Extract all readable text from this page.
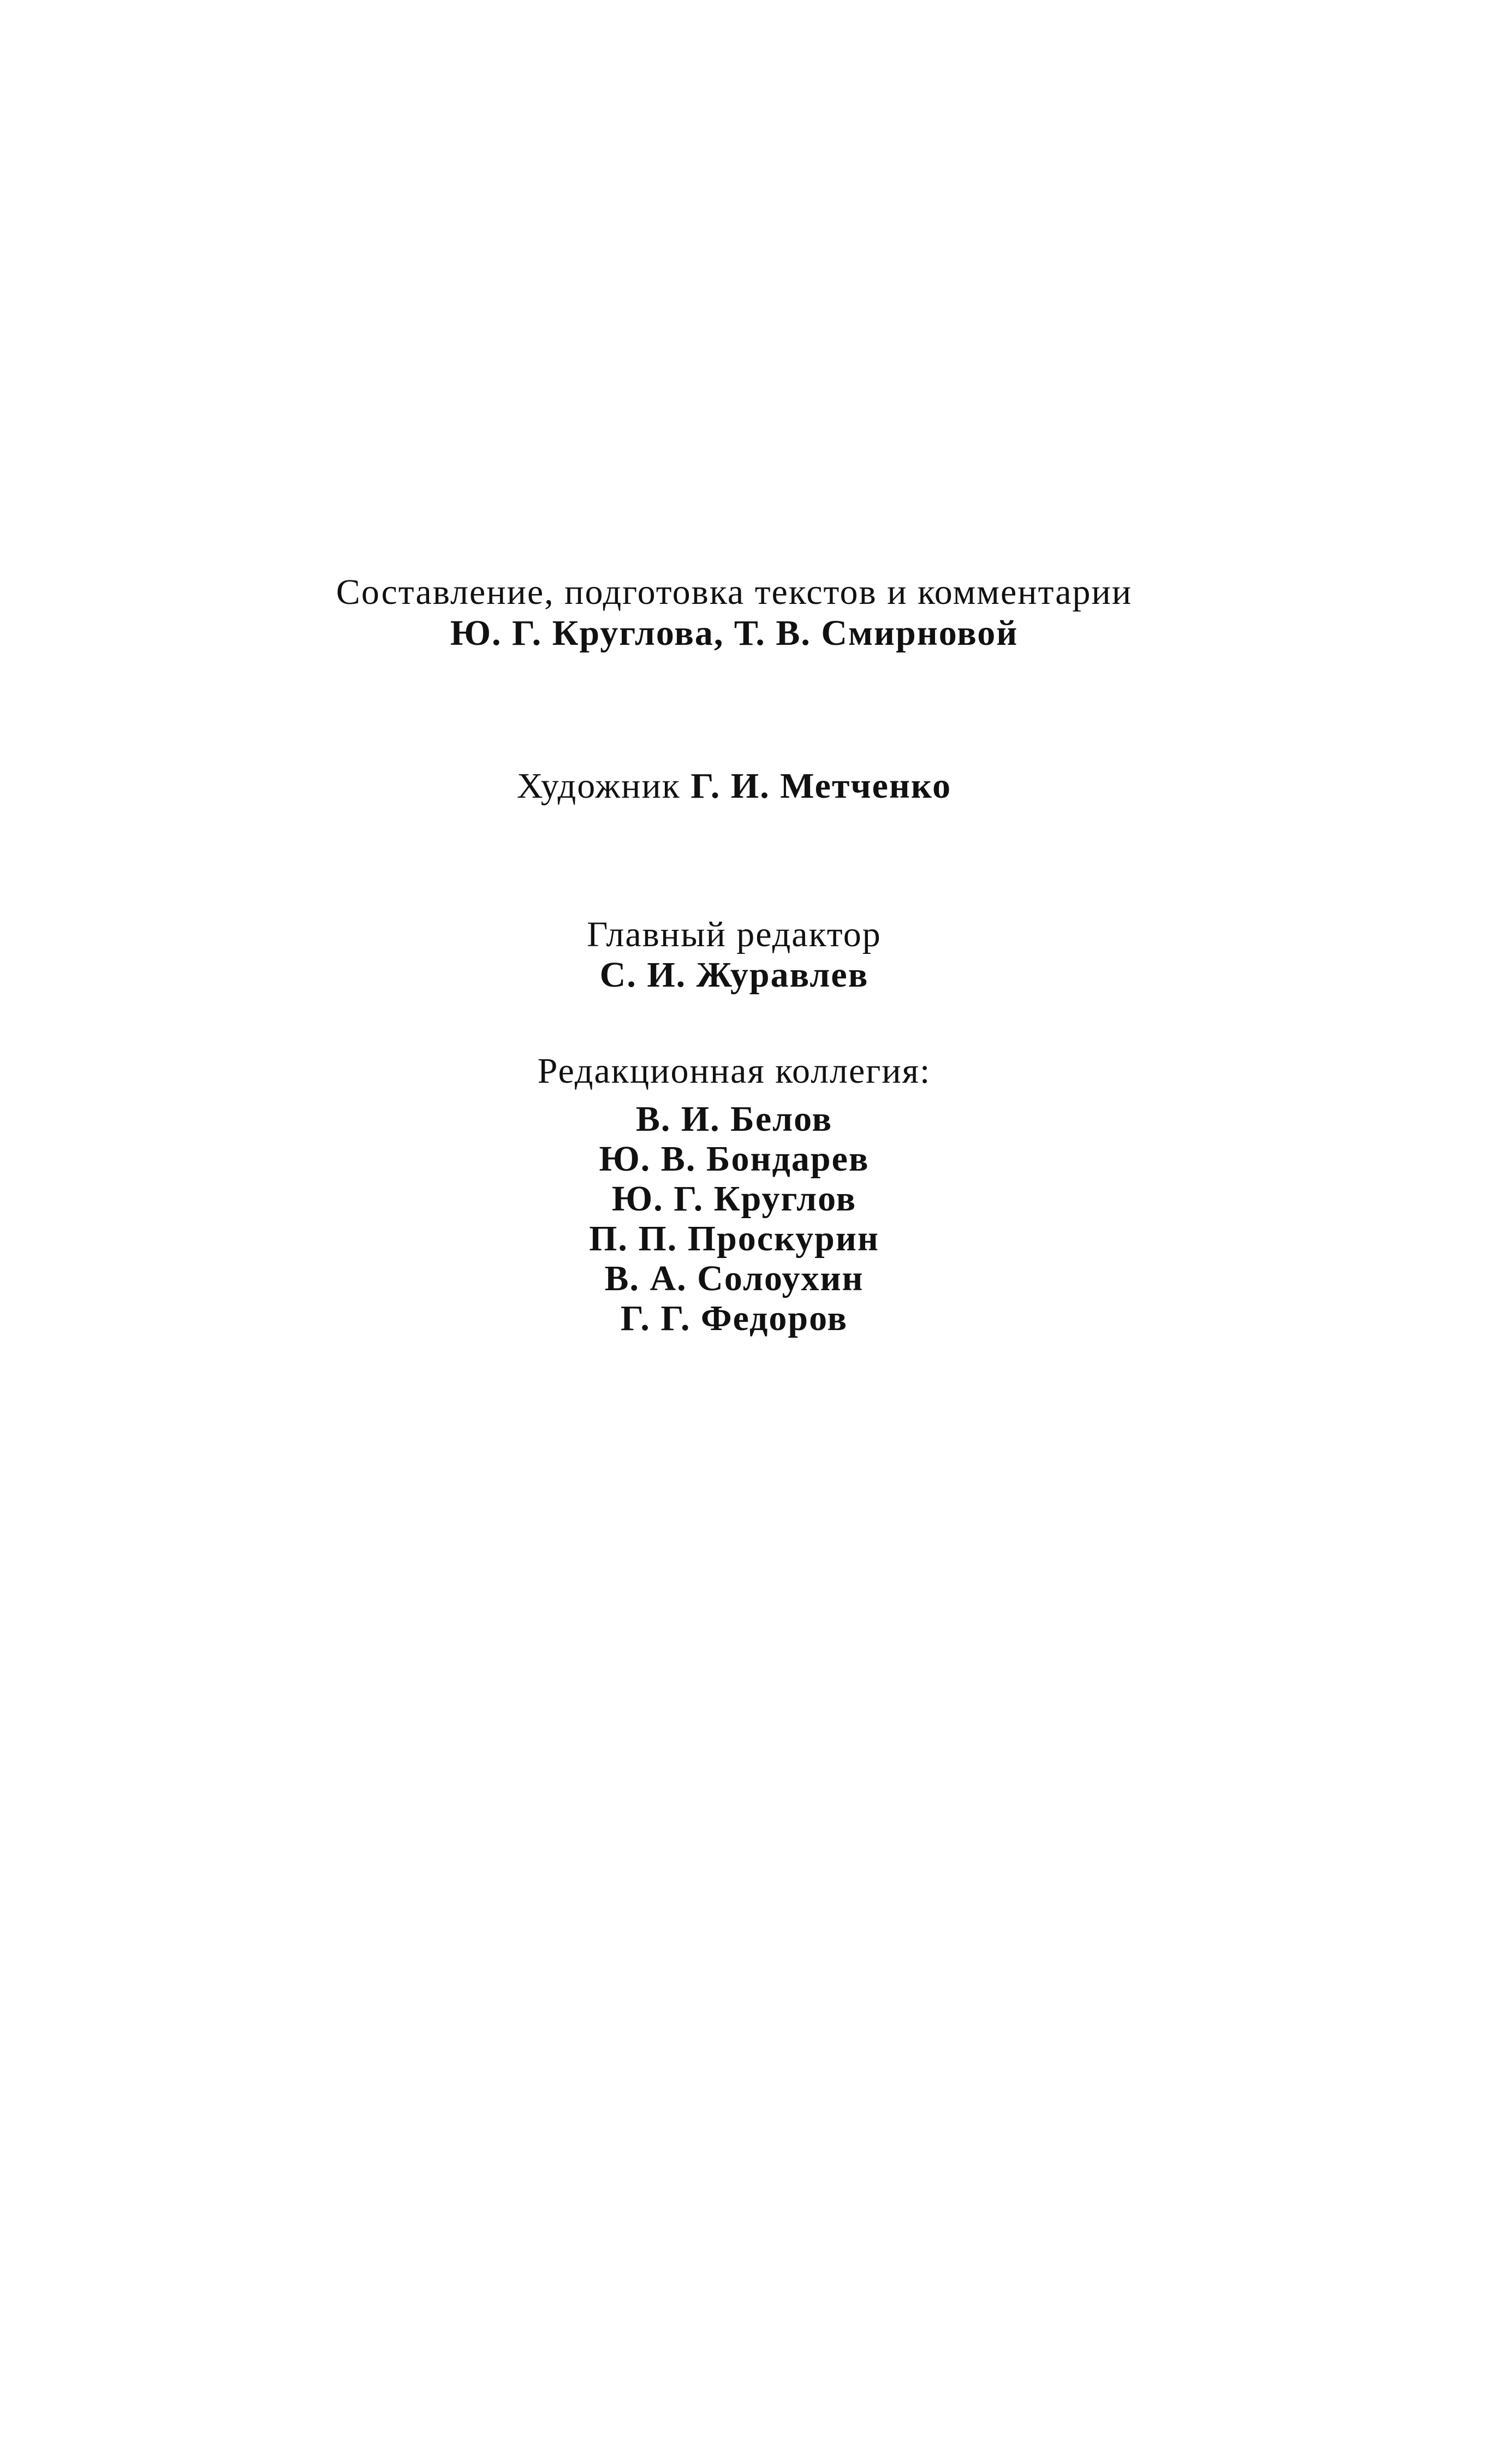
Составление, подготовка текстов и комментарии
Ю. Г. Круглова, Т. В. Смирновой
Художник Г. И. Метченко
Главный редактор
С. И. Журавлев
Редакционная коллегия:
В. И. Белов
Ю. В. Бондарев
Ю. Г. Круглов
П. П. Проскурин
В. А. Солоухин
Г. Г. Федоров
